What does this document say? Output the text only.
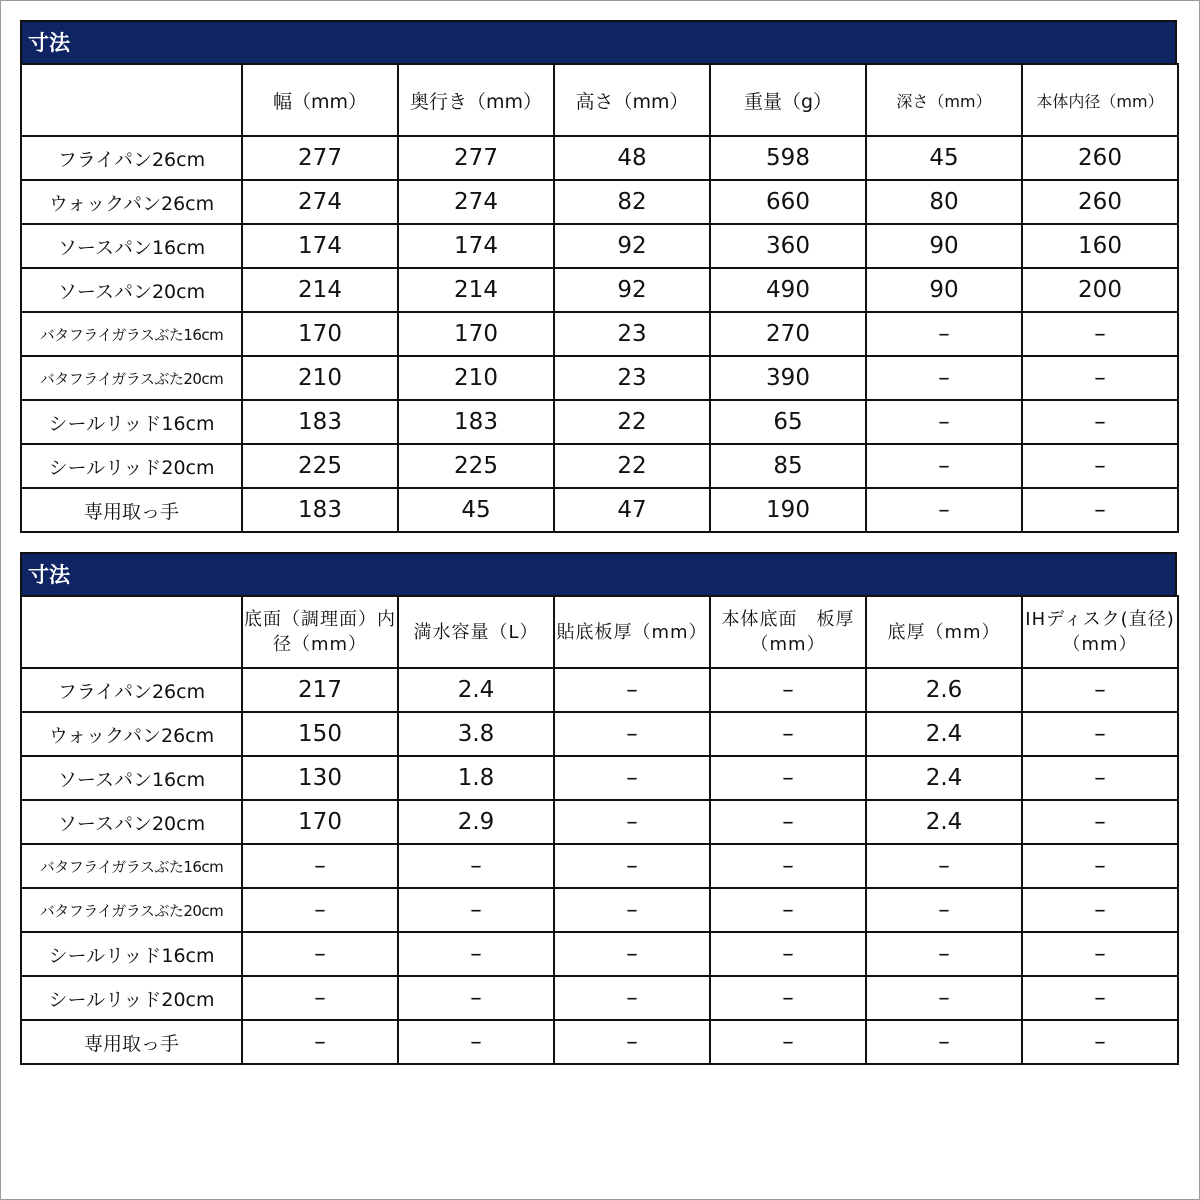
寸法
	幅（mm）	奥行き（mm）	高さ（mm）	重量（g）	深さ（mm）	本体内径（mm）
フライパン26cm	277	277	48	598	45	260
ウォックパン26cm	274	274	82	660	80	260
ソースパン16cm	174	174	92	360	90	160
ソースパン20cm	214	214	92	490	90	200
バタフライガラスぶた16cm	170	170	23	270	–	–
バタフライガラスぶた20cm	210	210	23	390	–	–
シールリッド16cm	183	183	22	65	–	–
シールリッド20cm	225	225	22	85	–	–
専用取っ手	183	45	47	190	–	–
寸法
	底面（調理面）内径（mm）	満水容量（L）	貼底板厚（mm）	本体底面　板厚（mm）	底厚（mm）	IHディスク(直径)（mm）
フライパン26cm	217	2.4	–	–	2.6	–
ウォックパン26cm	150	3.8	–	–	2.4	–
ソースパン16cm	130	1.8	–	–	2.4	–
ソースパン20cm	170	2.9	–	–	2.4	–
バタフライガラスぶた16cm	–	–	–	–	–	–
バタフライガラスぶた20cm	–	–	–	–	–	–
シールリッド16cm	–	–	–	–	–	–
シールリッド20cm	–	–	–	–	–	–
専用取っ手	–	–	–	–	–	–
